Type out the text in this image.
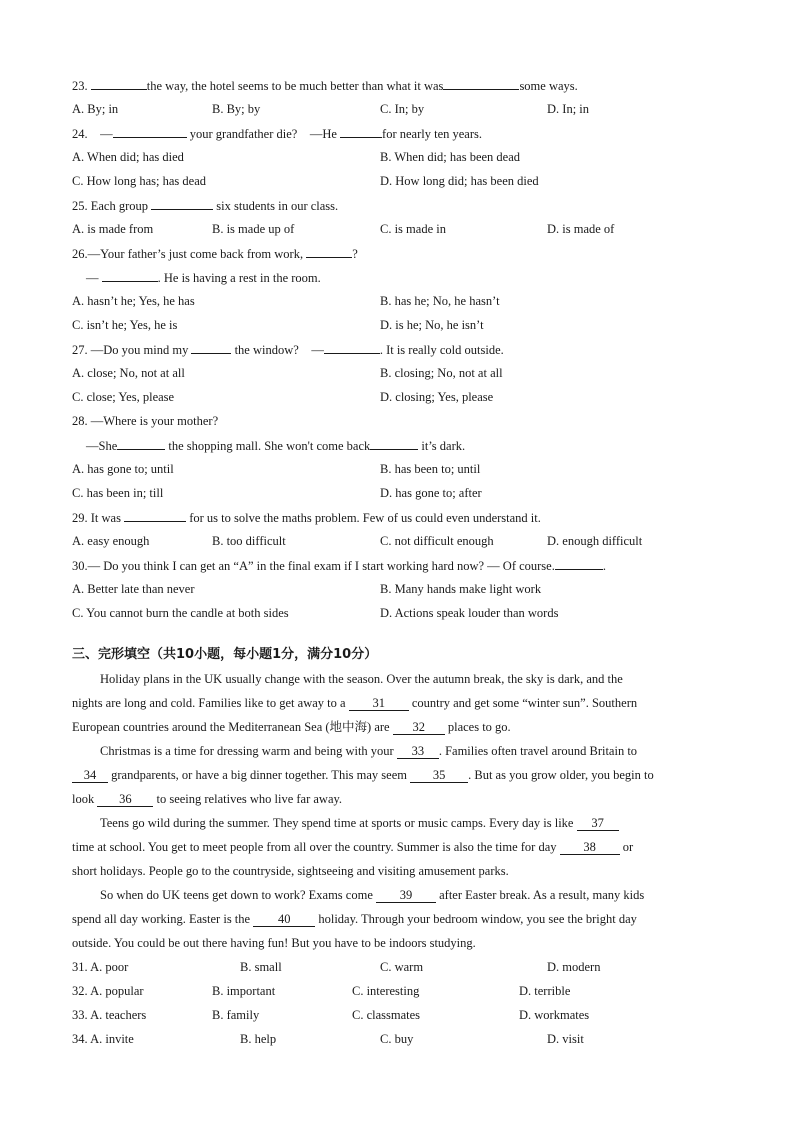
23.	the way, the hotel seems to be much better than what it was	some ways.
A. By; in	B. By; by	C. In; by	D. In; in
24. —	your grandfather die? —He	for nearly ten years.
A. When did; has died	B. When did; has been dead
C. How long has; has dead	D. How long did; has been died
25. Each group	six students in our class.
A. is made from	B. is made up of	C. is made in	D. is made of
26.—Your father’s just come back from work,	?
—	. He is having a rest in the room.
A. hasn’t he; Yes, he has	B. has he; No, he hasn’t
C. isn’t he; Yes, he is	D. is he; No, he isn’t
27. —Do you mind my	the window? —	. It is really cold outside.
A. close; No, not at all	B. closing; No, not at all
C. close; Yes, please	D. closing; Yes, please
28. —Where is your mother?
—She	the shopping mall. She won't come back	it’s dark.
A. has gone to; until	B. has been to; until
C. has been in; till	D. has gone to; after
29. It was	for us to solve the maths problem. Few of us could even understand it.
A. easy enough	B. too difficult	C. not difficult enough	D. enough difficult
30.— Do you think I can get an “A” in the final exam if I start working hard now? — Of course.	.
A. Better late than never	B. Many hands make light work
C. You cannot burn the candle at both sides	D. Actions speak louder than words
三、完形填空（共10小题，每小题1分，满分10分）
Holiday plans in the UK usually change with the season. Over the autumn break, the sky is dark, and the
nights are long and cold. Families like to get away to a 31 country and get some “winter sun”. Southern
European countries around the Mediterranean Sea (地中海) are 32 places to go.
Christmas is a time for dressing warm and being with your 33 . Families often travel around Britain to
34 grandparents, or have a big dinner together. This may seem 35 . But as you grow older, you begin to
look 36 to seeing relatives who live far away.
Teens go wild during the summer. They spend time at sports or music camps. Every day is like 37
time at school. You get to meet people from all over the country. Summer is also the time for day 38 or
short holidays. People go to the countryside, sightseeing and visiting amusement parks.
So when do UK teens get down to work? Exams come 39 after Easter break. As a result, many kids
spend all day working. Easter is the 40 holiday. Through your bedroom window, you see the bright day
outside. You could be out there having fun! But you have to be indoors studying.
31. A. poor	B. small	C. warm	D. modern
32. A. popular	B. important	C. interesting	D. terrible
33. A. teachers	B. family	C. classmates	D. workmates
34. A. invite	B. help	C. buy	D. visit
